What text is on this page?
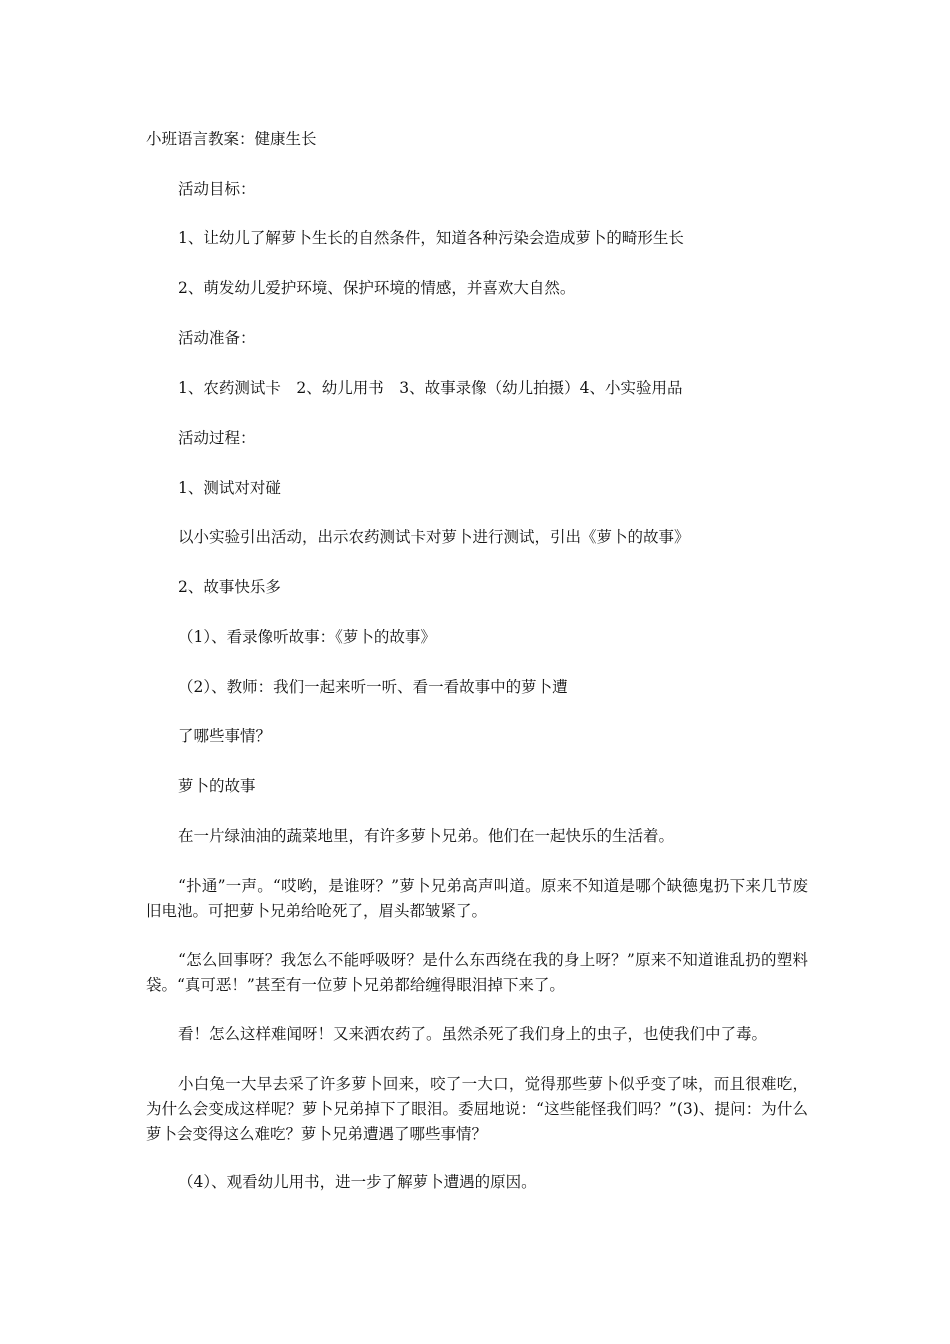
小班语言教案：健康生长
活动目标：
1、让幼儿了解萝卜生长的自然条件，知道各种污染会造成萝卜的畸形生长
2、萌发幼儿爱护环境、保护环境的情感，并喜欢大自然。
活动准备：
1、农药测试卡　2、幼儿用书　3、故事录像（幼儿拍摄）4、小实验用品
活动过程：
1、测试对对碰
以小实验引出活动，出示农药测试卡对萝卜进行测试，引出《萝卜的故事》
2、故事快乐多
（1）、看录像听故事：《萝卜的故事》
（2）、教师：我们一起来听一听、看一看故事中的萝卜遭
了哪些事情？
萝卜的故事
在一片绿油油的蔬菜地里，有许多萝卜兄弟。他们在一起快乐的生活着。
“扑通”一声。“哎哟，是谁呀？”萝卜兄弟高声叫道。原来不知道是哪个缺德鬼扔下来几节废旧电池。可把萝卜兄弟给呛死了，眉头都皱紧了。
“怎么回事呀？我怎么不能呼吸呀？是什么东西绕在我的身上呀？”原来不知道谁乱扔的塑料袋。“真可恶！”甚至有一位萝卜兄弟都给缠得眼泪掉下来了。
看！怎么这样难闻呀！又来洒农药了。虽然杀死了我们身上的虫子，也使我们中了毒。
小白兔一大早去采了许多萝卜回来，咬了一大口，觉得那些萝卜似乎变了味，而且很难吃，为什么会变成这样呢？萝卜兄弟掉下了眼泪。委屈地说：“这些能怪我们吗？”(3)、提问：为什么萝卜会变得这么难吃？萝卜兄弟遭遇了哪些事情？
（4）、观看幼儿用书，进一步了解萝卜遭遇的原因。
